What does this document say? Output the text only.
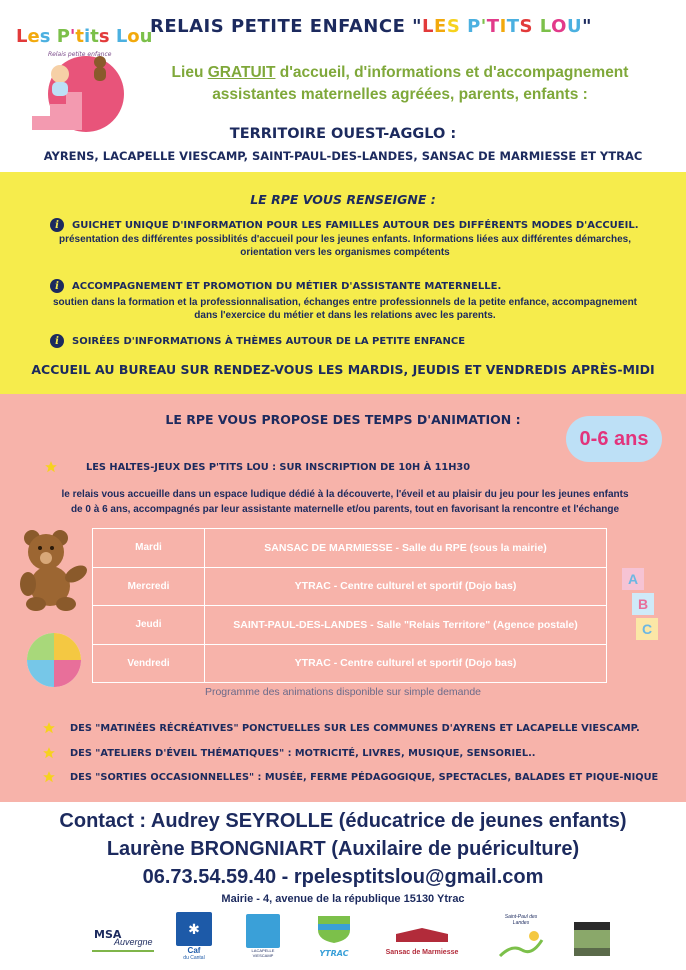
Les P'tits Lou
Relais petite enfance
RELAIS PETITE ENFANCE "LES P'TITS LOU"
Lieu GRATUIT d'accueil, d'informations et d'accompagnement
assistantes maternelles agréées, parents, enfants :
TERRITOIRE OUEST-AGGLO :
AYRENS, LACAPELLE VIESCAMP, SAINT-PAUL-DES-LANDES, SANSAC DE MARMIESSE ET YTRAC
LE RPE VOUS RENSEIGNE :
i	GUICHET UNIQUE D'INFORMATION POUR LES FAMILLES AUTOUR DES DIFFÉRENTS MODES D'ACCUEIL.
présentation des différentes possiblités d'accueil pour les jeunes enfants. Informations liées aux différentes démarches,
orientation vers les organismes compétents
i	ACCOMPAGNEMENT ET PROMOTION DU MÉTIER D'ASSISTANTE MATERNELLE.
soutien dans la formation et la professionnalisation, échanges entre professionnels de la petite enfance, accompagnement
dans l'exercice du métier et dans les relations avec les parents.
i	SOIRÉES D'INFORMATIONS À THÈMES AUTOUR DE LA PETITE ENFANCE
ACCUEIL AU BUREAU SUR RENDEZ-VOUS LES MARDIS, JEUDIS ET VENDREDIS APRÈS-MIDI
LE RPE VOUS PROPOSE DES TEMPS D'ANIMATION :
0-6 ans
LES HALTES-JEUX DES P'TITS LOU : SUR INSCRIPTION DE 10H À 11H30
le relais vous accueille dans un espace ludique dédié à la découverte, l'éveil et au plaisir du jeu pour les jeunes enfants
de 0 à 6 ans, accompagnés par leur assistante maternelle et/ou parents, tout en favorisant la rencontre et l'échange
Mardi	SANSAC DE MARMIESSE - Salle du RPE (sous la mairie)
Mercredi	YTRAC - Centre culturel et sportif (Dojo bas)
Jeudi	SAINT-PAUL-DES-LANDES - Salle "Relais Territore" (Agence postale)
Vendredi	YTRAC - Centre culturel et sportif (Dojo bas)
A
B
C
Programme des animations disponible sur simple demande
DES "MATINÉES RÉCRÉATIVES" PONCTUELLES SUR LES COMMUNES D'AYRENS ET LACAPELLE VIESCAMP.
DES "ATELIERS D'ÉVEIL THÉMATIQUES" : MOTRICITÉ, LIVRES, MUSIQUE, SENSORIEL..
DES "SORTIES OCCASIONNELLES" : MUSÉE, FERME PÉDAGOGIQUE, SPECTACLES, BALADES ET PIQUE-NIQUE
Contact : Audrey SEYROLLE (éducatrice de jeunes enfants)
Laurène BRONGNIART (Auxilaire de puériculture)
06.73.54.59.40 - rpelesptitslou@gmail.com
Mairie - 4, avenue de la république 15130 Ytrac
MSA
Auvergne
✱
Caf
du Cantal
LACAPELLE VIESCAMP	YTRAC	Sansac de Marmiesse
Saint-Paul des Landes
